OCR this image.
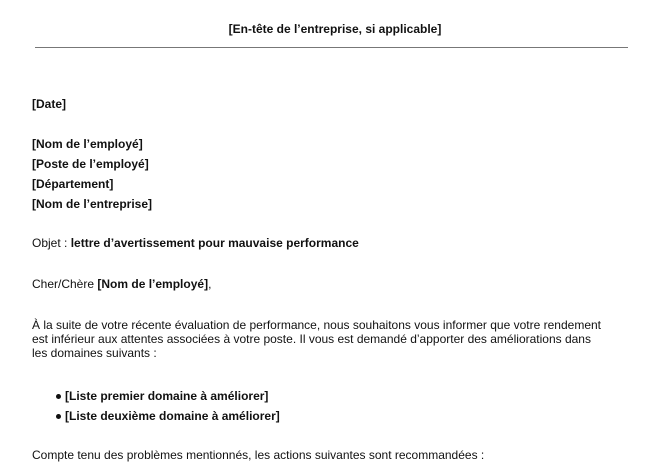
[En-tête de l’entreprise, si applicable]
[Date]
[Nom de l’employé]
[Poste de l’employé]
[Département]
[Nom de l’entreprise]
Objet : lettre d’avertissement pour mauvaise performance
Cher/Chère [Nom de l’employé],
À la suite de votre récente évaluation de performance, nous souhaitons vous informer que votre rendement est inférieur aux attentes associées à votre poste. Il vous est demandé d’apporter des améliorations dans les domaines suivants :
[Liste premier domaine à améliorer]
[Liste deuxième domaine à améliorer]
Compte tenu des problèmes mentionnés, les actions suivantes sont recommandées :
